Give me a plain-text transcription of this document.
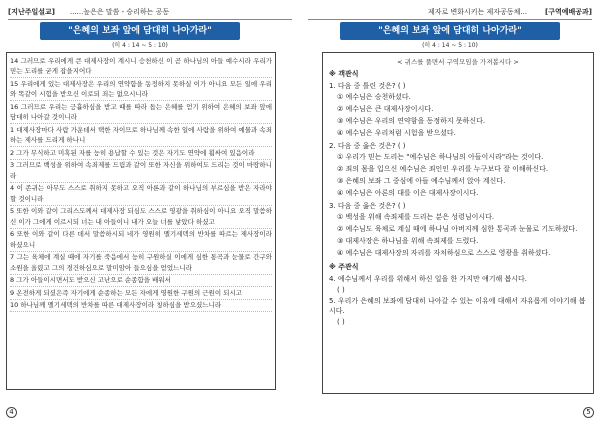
[지난주일설교] ......높은은 말씀 - 승리하는 공동
"은혜의 보좌 앞에 담대히 나아가라"
(히 4 : 14 ~ 5 : 10)
14 그러므로 우리에게 큰 대제사장이 계시니 승천하신 이 곧 하나님의 아들 예수시라 우리가 믿는 도리를 굳게 잡을지어다
15 우리에게 있는 대제사장은 우리의 연약함을 동정하지 못하실 이가 아니요 모든 일에 우리와 똑같이 시험을 받으신 이로되 죄는 없으시니라
16 그러므로 우리는 긍휼하심을 받고 때를 따라 돕는 은혜를 얻기 위하여 은혜의 보좌 앞에 담대히 나아갈 것이니라
1 대제사장마다 사람 가운데서 택한 자이므로 하나님께 속한 일에 사람을 위하여 예물과 속죄하는 제사를 드리게 하나니
2 그가 무식하고 미혹된 자를 능히 용납할 수 있는 것은 자기도 연약에 휩싸여 있음이라
3 그러므로 백성을 위하여 속죄제를 드림과 같이 또한 자신을 위하여도 드리는 것이 마땅하니라
4 이 존귀는 아무도 스스로 취하지 못하고 오직 아론과 같이 하나님의 부르심을 받은 자라야 할 것이니라
5 또한 이와 같이 그리스도께서 대제사장 되심도 스스로 영광을 취하심이 아니요 오직 말씀하신 이가 그에게 이르시되 너는 내 아들이니 내가 오늘 너를 낳았다 하셨고
6 또한 이와 같이 다른 데서 말씀하시되 네가 영원히 멜기세덱의 반차를 따르는 제사장이라 하셨으니
7 그는 육체에 계실 때에 자기를 죽음에서 능히 구원하실 이에게 심한 통곡과 눈물로 간구와 소원을 올렸고 그의 경건하심으로 말미암아 들으심을 얻었느니라
8 그가 아들이시면서도 받으신 고난으로 순종함을 배워서
9 온전하게 되셨은즉 자기에게 순종하는 모든 자에게 영원한 구원의 근원이 되시고
10 하나님께 멜기세덱의 반차를 따른 대제사장이라 칭하심을 받으셨느니라
4
제자로 변화시키는 제자공동체...	[구역예배공과]
"은혜의 보좌 앞에 담대히 나아가라"
(히 4 : 14 ~ 5 : 10)
< 귀스를 풀면서 구역모임을 가져봅시다 >
※ 객관식
1. 다음 중 틀린 것은? ( )
① 예수님은 승천하셨다.
② 예수님은 큰 대제사장이시다.
③ 예수님은 우리의 연약함을 동정하지 못하신다.
④ 예수님은 우리처럼 시험을 받으셨다.
2. 다음 중 옳은 것은? ( )
① 우리가 믿는 도리는 "예수님은 하나님의 아들이시라"라는 것이다.
② 죄의 몸을 입으신 예수님은 죄인인 우리를 누구보다 잘 이해하신다.
③ 은혜의 보좌 그 중심에 아들 예수님께서 앉아 계신다.
④ 예수님은 아론의 대를 이은 대제사장이시다.
3. 다음 중 옳은 것은? ( )
① 백성을 위해 속죄제를 드리는 분은 성령님이시다.
② 예수님도 육체로 계실 때에 하나님 아버지께 심한 통곡과 눈물로 기도하셨다.
③ 대제사장은 하나님을 위해 속죄제를 드렸다.
④ 예수님은 대제사장의 자리를 자처하심으로 스스로 영광을 취하셨다.
※ 주관식
4. 예수님께서 우리를 위해서 하신 일을 한 가지만 얘기해 봅시다.
( )
5. 우리가 은혜의 보좌에 담대히 나아갈 수 있는 이유에 대해서 자유롭게 이야기해 봅시다.
( )
5
